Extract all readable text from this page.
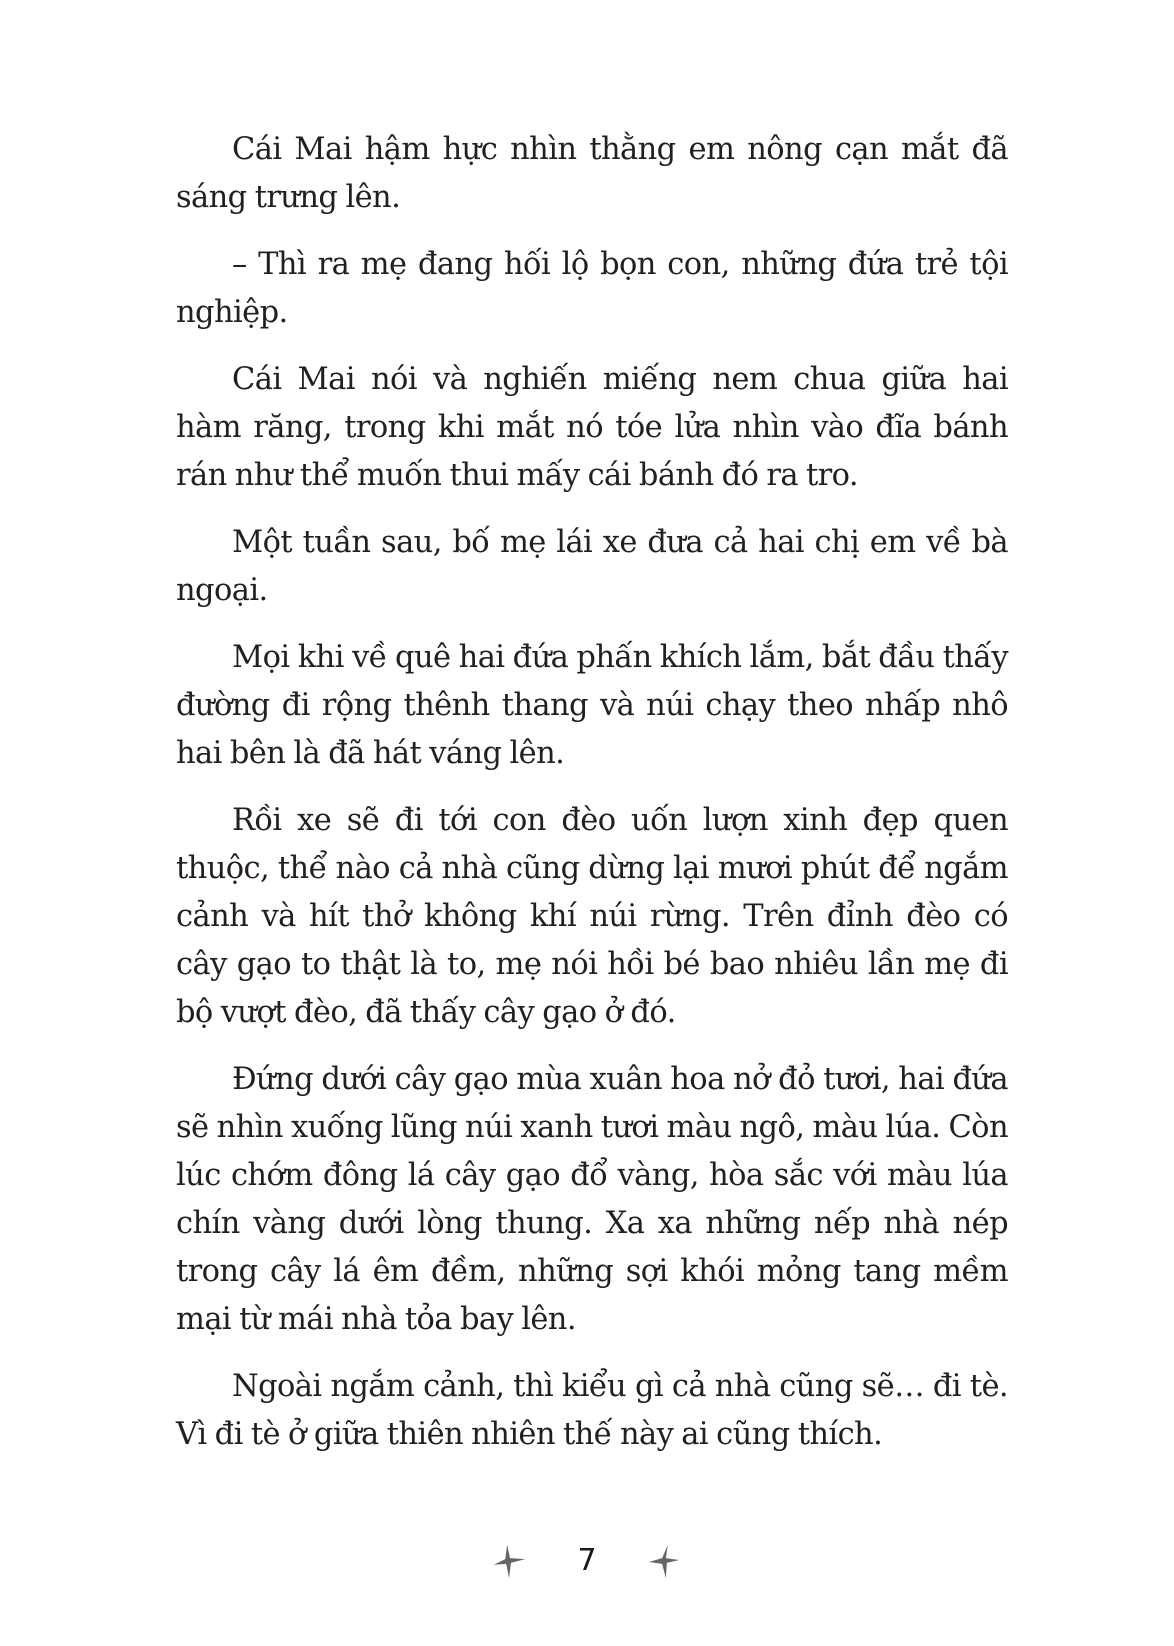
Cái Mai hậm hực nhìn thằng em nông cạn mắt đã sáng trưng lên.

– Thì ra mẹ đang hối lộ bọn con, những đứa trẻ tội nghiệp.

Cái Mai nói và nghiến miếng nem chua giữa hai hàm răng, trong khi mắt nó tóe lửa nhìn vào đĩa bánh rán như thể muốn thui mấy cái bánh đó ra tro.

Một tuần sau, bố mẹ lái xe đưa cả hai chị em về bà ngoại.

Mọi khi về quê hai đứa phấn khích lắm, bắt đầu thấy đường đi rộng thênh thang và núi chạy theo nhấp nhô hai bên là đã hát váng lên.

Rồi xe sẽ đi tới con đèo uốn lượn xinh đẹp quen thuộc, thể nào cả nhà cũng dừng lại mươi phút để ngắm cảnh và hít thở không khí núi rừng. Trên đỉnh đèo có cây gạo to thật là to, mẹ nói hồi bé bao nhiêu lần mẹ đi bộ vượt đèo, đã thấy cây gạo ở đó.

Đứng dưới cây gạo mùa xuân hoa nở đỏ tươi, hai đứa sẽ nhìn xuống lũng núi xanh tươi màu ngô, màu lúa. Còn lúc chớm đông lá cây gạo đổ vàng, hòa sắc với màu lúa chín vàng dưới lòng thung. Xa xa những nếp nhà nép trong cây lá êm đềm, những sợi khói mỏng tang mềm mại từ mái nhà tỏa bay lên.

Ngoài ngắm cảnh, thì kiểu gì cả nhà cũng sẽ… đi tè. Vì đi tè ở giữa thiên nhiên thế này ai cũng thích.

7
